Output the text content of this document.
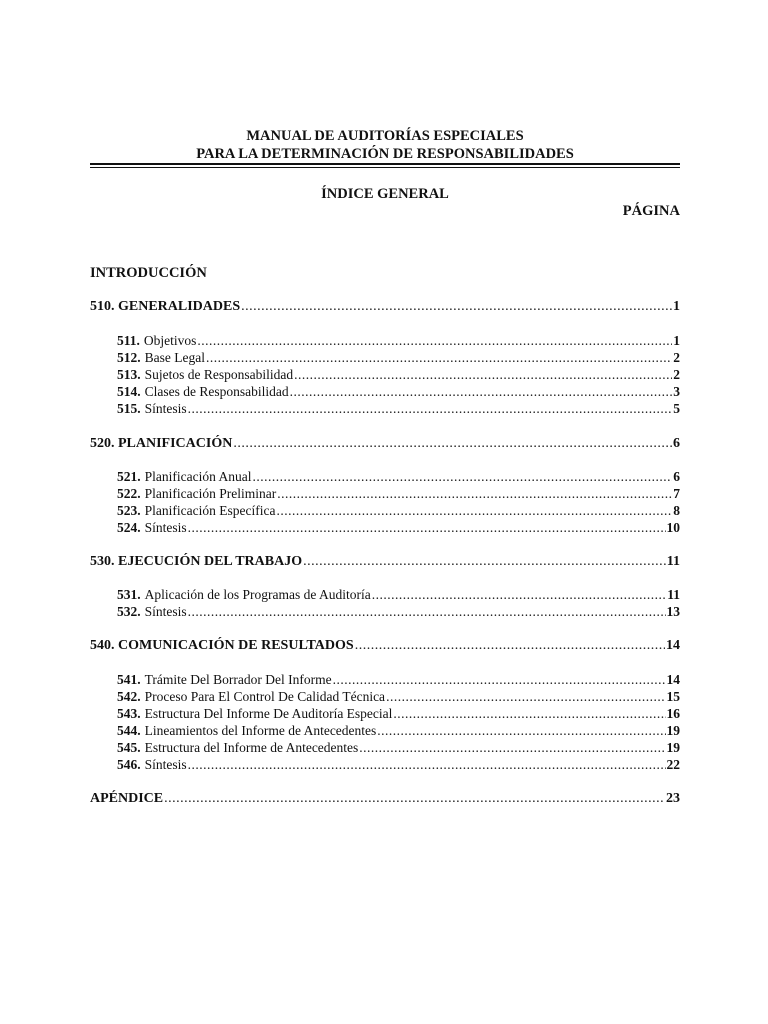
MANUAL DE AUDITORÍAS ESPECIALES
PARA LA DETERMINACIÓN DE RESPONSABILIDADES
ÍNDICE GENERAL
PÁGINA
INTRODUCCIÓN
510. GENERALIDADES .....	1
511. Objetivos .....	1
512. Base Legal .....	2
513. Sujetos de Responsabilidad .....	2
514. Clases de Responsabilidad .....	3
515. Síntesis .....	5
520. PLANIFICACIÓN .....	6
521. Planificación Anual .....	6
522. Planificación Preliminar .....	7
523. Planificación Específica .....	8
524. Síntesis .....	10
530. EJECUCIÓN DEL TRABAJO .....	11
531. Aplicación de los Programas de Auditoría .....	11
532. Síntesis .....	13
540. COMUNICACIÓN DE RESULTADOS .....	14
541. Trámite Del Borrador Del Informe .....	14
542. Proceso Para El Control De Calidad Técnica .....	15
543. Estructura Del Informe De Auditoría Especial .....	16
544. Lineamientos del Informe de Antecedentes .....	19
545. Estructura del Informe de Antecedentes .....	19
546. Síntesis .....	22
APÉNDICE .....	23
